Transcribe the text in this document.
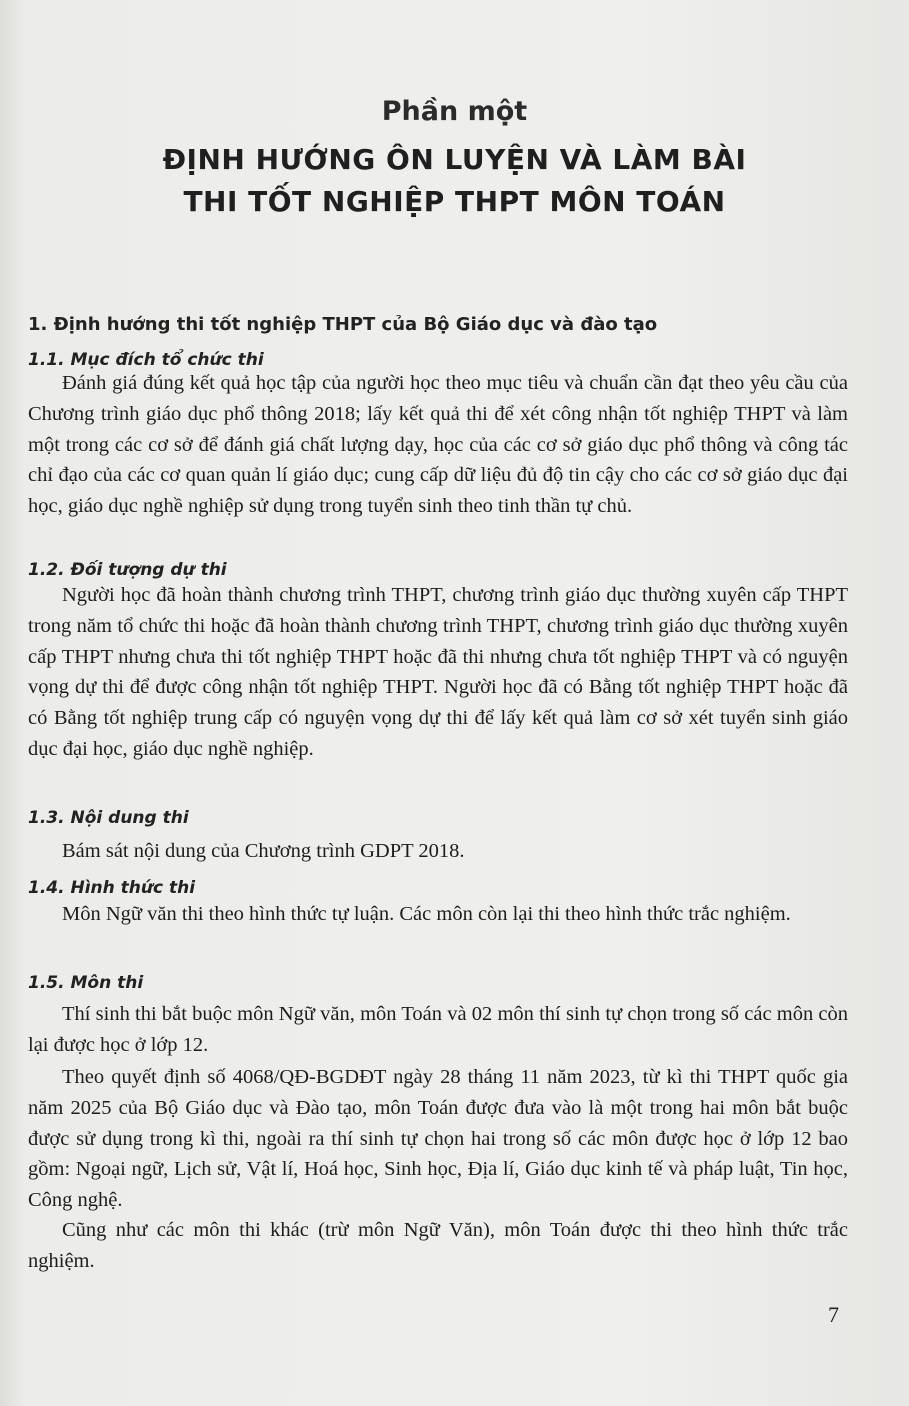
Phần một
ĐỊNH HƯỚNG ÔN LUYỆN VÀ LÀM BÀI
THI TỐT NGHIỆP THPT MÔN TOÁN
1. Định hướng thi tốt nghiệp THPT của Bộ Giáo dục và đào tạo
1.1. Mục đích tổ chức thi
Đánh giá đúng kết quả học tập của người học theo mục tiêu và chuẩn cần đạt theo yêu cầu của Chương trình giáo dục phổ thông 2018; lấy kết quả thi để xét công nhận tốt nghiệp THPT và làm một trong các cơ sở để đánh giá chất lượng dạy, học của các cơ sở giáo dục phổ thông và công tác chỉ đạo của các cơ quan quản lí giáo dục; cung cấp dữ liệu đủ độ tin cậy cho các cơ sở giáo dục đại học, giáo dục nghề nghiệp sử dụng trong tuyển sinh theo tinh thần tự chủ.
1.2. Đối tượng dự thi
Người học đã hoàn thành chương trình THPT, chương trình giáo dục thường xuyên cấp THPT trong năm tổ chức thi hoặc đã hoàn thành chương trình THPT, chương trình giáo dục thường xuyên cấp THPT nhưng chưa thi tốt nghiệp THPT hoặc đã thi nhưng chưa tốt nghiệp THPT và có nguyện vọng dự thi để được công nhận tốt nghiệp THPT. Người học đã có Bằng tốt nghiệp THPT hoặc đã có Bằng tốt nghiệp trung cấp có nguyện vọng dự thi để lấy kết quả làm cơ sở xét tuyển sinh giáo dục đại học, giáo dục nghề nghiệp.
1.3. Nội dung thi
Bám sát nội dung của Chương trình GDPT 2018.
1.4. Hình thức thi
Môn Ngữ văn thi theo hình thức tự luận. Các môn còn lại thi theo hình thức trắc nghiệm.
1.5. Môn thi
Thí sinh thi bắt buộc môn Ngữ văn, môn Toán và 02 môn thí sinh tự chọn trong số các môn còn lại được học ở lớp 12.
Theo quyết định số 4068/QĐ-BGDĐT ngày 28 tháng 11 năm 2023, từ kì thi THPT quốc gia năm 2025 của Bộ Giáo dục và Đào tạo, môn Toán được đưa vào là một trong hai môn bắt buộc được sử dụng trong kì thi, ngoài ra thí sinh tự chọn hai trong số các môn được học ở lớp 12 bao gồm: Ngoại ngữ, Lịch sử, Vật lí, Hoá học, Sinh học, Địa lí, Giáo dục kinh tế và pháp luật, Tin học, Công nghệ.
Cũng như các môn thi khác (trừ môn Ngữ Văn), môn Toán được thi theo hình thức trắc nghiệm.
7
